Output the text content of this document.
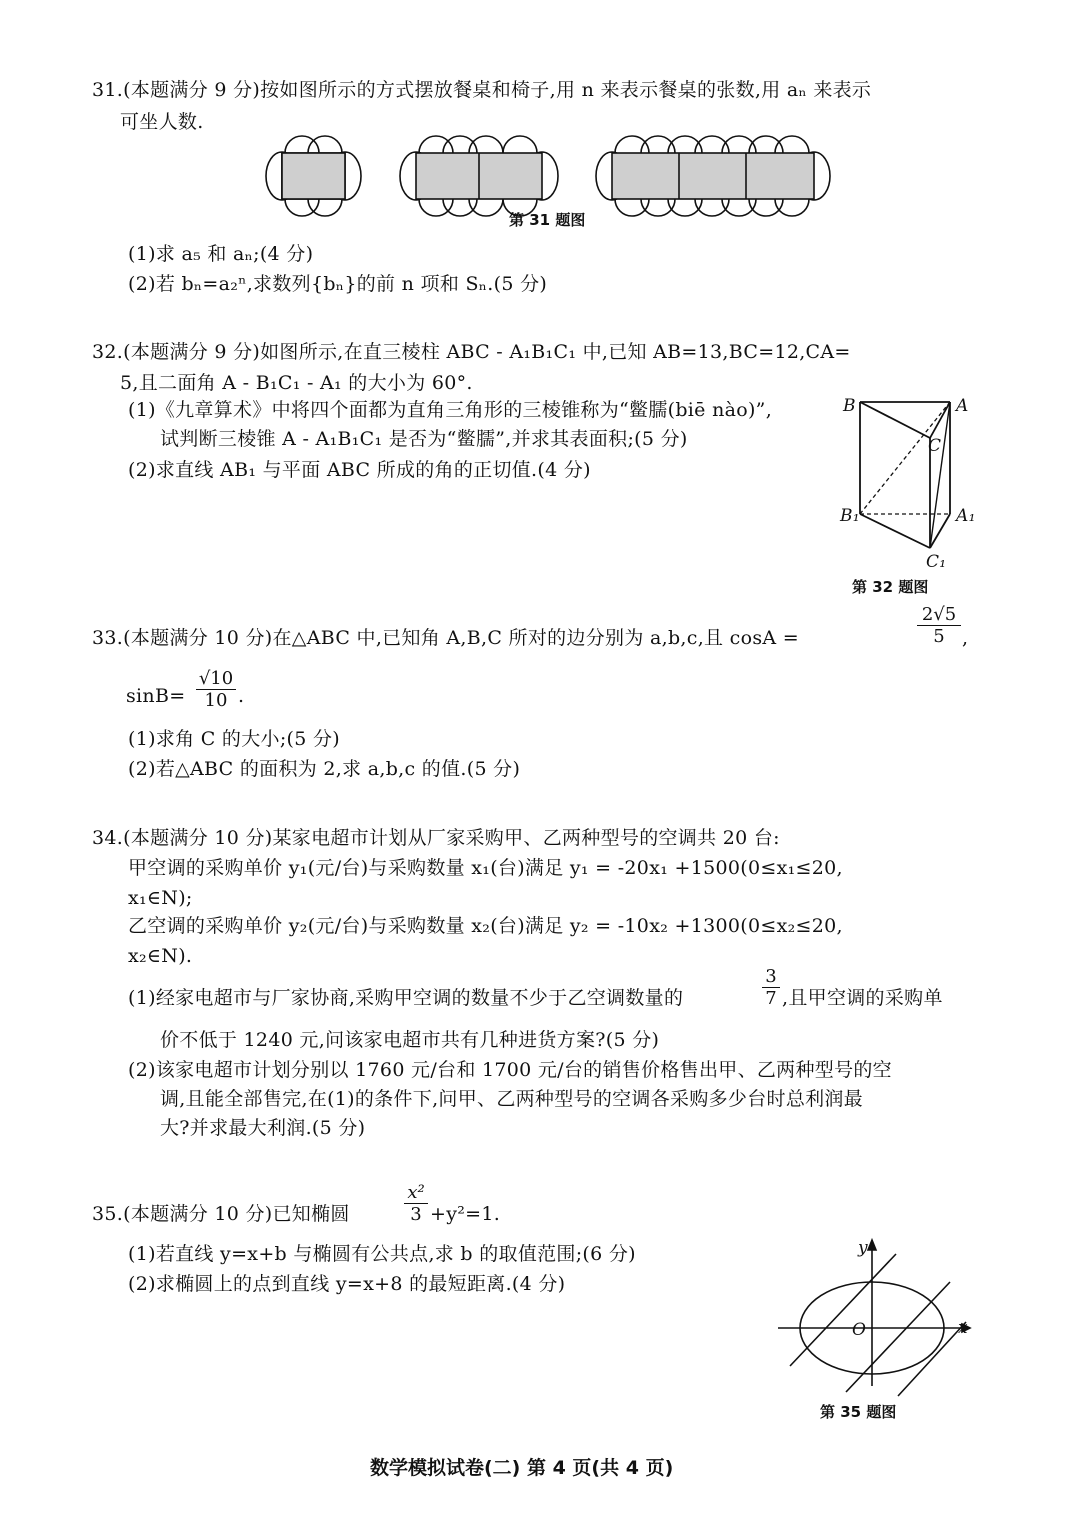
31.(本题满分 9 分)按如图所示的方式摆放餐桌和椅子,用 n 来表示餐桌的张数,用 aₙ 来表示
可坐人数.
第 31 题图
(1)求 a₅ 和 aₙ;(4 分)
(2)若 bₙ=a₂ⁿ,求数列{bₙ}的前 n 项和 Sₙ.(5 分)
32.(本题满分 9 分)如图所示,在直三棱柱 ABC - A₁B₁C₁ 中,已知 AB=13,BC=12,CA=
5,且二面角 A - B₁C₁ - A₁ 的大小为 60°.
(1)《九章算术》中将四个面都为直角三角形的三棱锥称为“鳖臑(biē nào)”,
试判断三棱锥 A - A₁B₁C₁ 是否为“鳖臑”,并求其表面积;(5 分)
(2)求直线 AB₁ 与平面 ABC 所成的角的正切值.(4 分)
B	A
C
B₁	A₁
C₁
第 32 题图
33.(本题满分 10 分)在△ABC 中,已知角 A,B,C 所对的边分别为 a,b,c,且 cosA =	$\frac{2√5}{5}$ ,
$\sin B= \frac{√10}{10}$ .
(1)求角 C 的大小;(5 分)
(2)若△ABC 的面积为 2,求 a,b,c 的值.(5 分)
34.(本题满分 10 分)某家电超市计划从厂家采购甲、乙两种型号的空调共 20 台:
甲空调的采购单价 y₁(元/台)与采购数量 x₁(台)满足 y₁ = -20x₁ +1500(0≤x₁≤20,
x₁∈N);
乙空调的采购单价 y₂(元/台)与采购数量 x₂(台)满足 y₂ = -10x₂ +1300(0≤x₂≤20,
x₂∈N).
(1)经家电超市与厂家协商,采购甲空调的数量不少于乙空调数量的	$\frac{3}{7}$ ,且甲空调的采购单
价不低于 1240 元,问该家电超市共有几种进货方案?(5 分)
(2)该家电超市计划分别以 1760 元/台和 1700 元/台的销售价格售出甲、乙两种型号的空
调,且能全部售完,在(1)的条件下,问甲、乙两种型号的空调各采购多少台时总利润最
大?并求最大利润.(5 分)
35.(本题满分 10 分)已知椭圆	$\frac{\text{x²}}{3} +y^2=1$.
(1)若直线 y=x+b 与椭圆有公共点,求 b 的取值范围;(6 分)
(2)求椭圆上的点到直线 y=x+8 的最短距离.(4 分)
y
x
O
第 35 题图
数学模拟试卷(二) 第 4 页(共 4 页)
